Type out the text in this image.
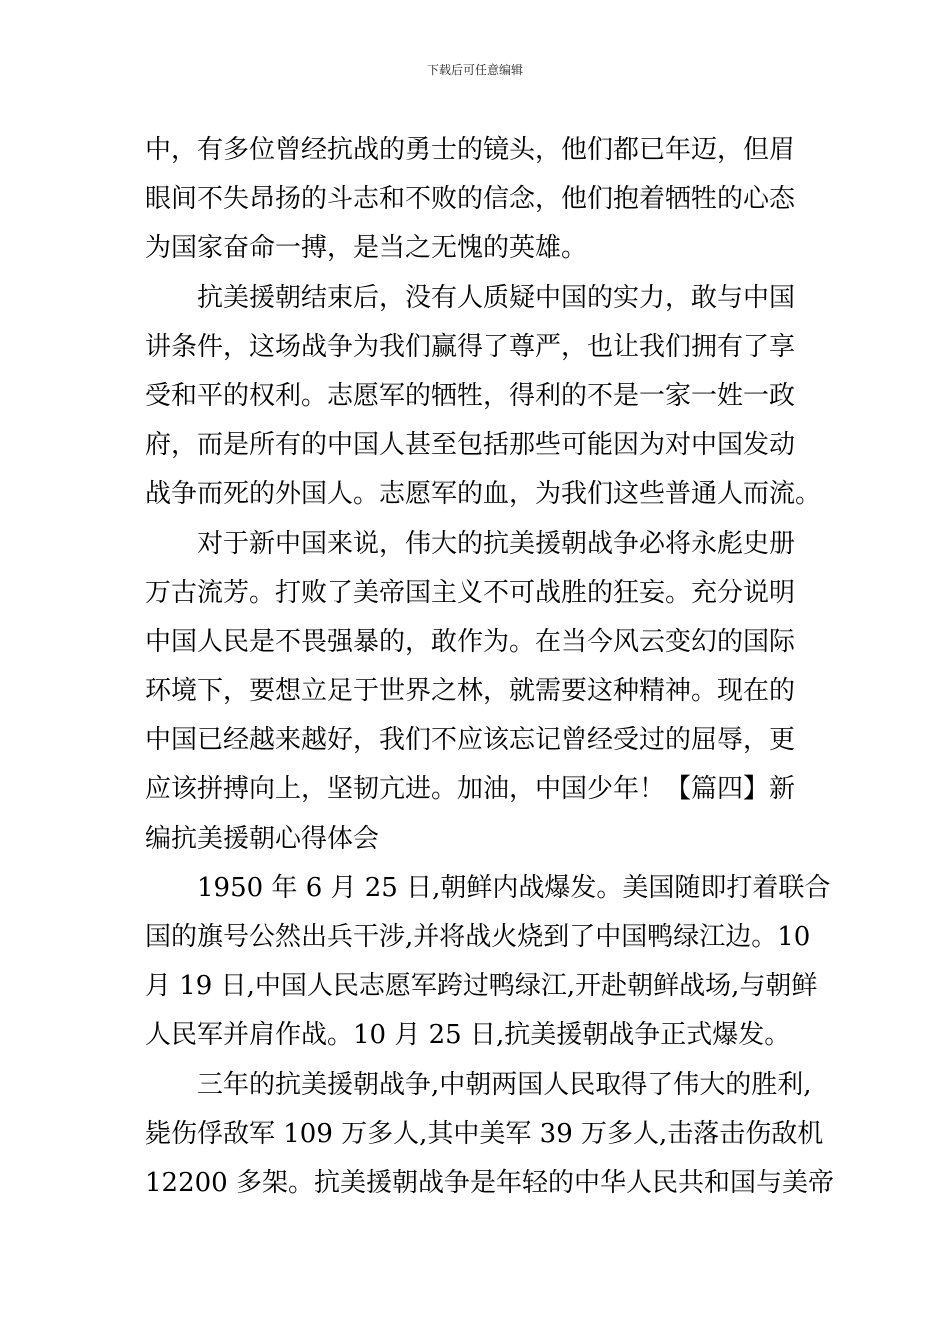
下载后可任意编辑
中，有多位曾经抗战的勇士的镜头，他们都已年迈，但眉
眼间不失昂扬的斗志和不败的信念，他们抱着牺牲的心态
为国家奋命一搏，是当之无愧的英雄。
抗美援朝结束后，没有人质疑中国的实力，敢与中国
讲条件，这场战争为我们赢得了尊严，也让我们拥有了享
受和平的权利。志愿军的牺牲，得利的不是一家一姓一政
府，而是所有的中国人甚至包括那些可能因为对中国发动
战争而死的外国人。志愿军的血，为我们这些普通人而流。
对于新中国来说，伟大的抗美援朝战争必将永彪史册
万古流芳。打败了美帝国主义不可战胜的狂妄。充分说明
中国人民是不畏强暴的，敢作为。在当今风云变幻的国际
环境下，要想立足于世界之林，就需要这种精神。现在的
中国已经越来越好，我们不应该忘记曾经受过的屈辱，更
应该拼搏向上，坚韧亢进。加油，中国少年！【篇四】新
编抗美援朝心得体会
1950 年 6 月 25 日,朝鲜内战爆发。美国随即打着联合
国的旗号公然出兵干涉,并将战火烧到了中国鸭绿江边。10
月 19 日,中国人民志愿军跨过鸭绿江,开赴朝鲜战场,与朝鲜
人民军并肩作战。10 月 25 日,抗美援朝战争正式爆发。
三年的抗美援朝战争,中朝两国人民取得了伟大的胜利,
毙伤俘敌军 109 万多人,其中美军 39 万多人,击落击伤敌机
12200 多架。抗美援朝战争是年轻的中华人民共和国与美帝
